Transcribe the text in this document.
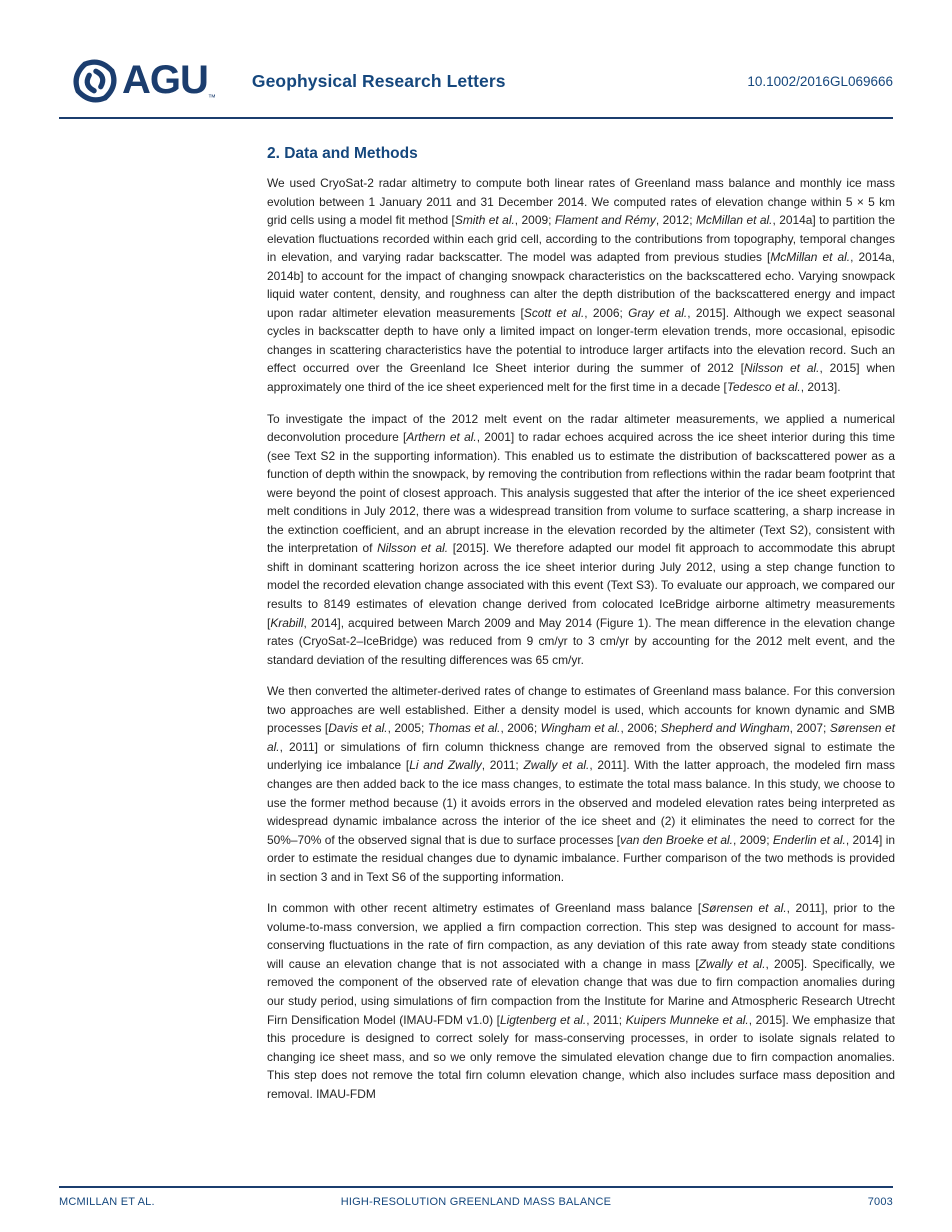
AGU ™
Geophysical Research Letters	10.1002/2016GL069666
2. Data and Methods

We used CryoSat-2 radar altimetry to compute both linear rates of Greenland mass balance and monthly ice mass evolution between 1 January 2011 and 31 December 2014. We computed rates of elevation change within 5 × 5 km grid cells using a model fit method [Smith et al., 2009; Flament and Rémy, 2012; McMillan et al., 2014a] to partition the elevation fluctuations recorded within each grid cell, according to the contributions from topography, temporal changes in elevation, and varying radar backscatter. The model was adapted from previous studies [McMillan et al., 2014a, 2014b] to account for the impact of changing snowpack characteristics on the backscattered echo. Varying snowpack liquid water content, density, and roughness can alter the depth distribution of the backscattered energy and impact upon radar altimeter elevation measurements [Scott et al., 2006; Gray et al., 2015]. Although we expect seasonal cycles in backscatter depth to have only a limited impact on longer-term elevation trends, more occasional, episodic changes in scattering characteristics have the potential to introduce larger artifacts into the elevation record. Such an effect occurred over the Greenland Ice Sheet interior during the summer of 2012 [Nilsson et al., 2015] when approximately one third of the ice sheet experienced melt for the first time in a decade [Tedesco et al., 2013].

To investigate the impact of the 2012 melt event on the radar altimeter measurements, we applied a numerical deconvolution procedure [Arthern et al., 2001] to radar echoes acquired across the ice sheet interior during this time (see Text S2 in the supporting information). This enabled us to estimate the distribution of backscattered power as a function of depth within the snowpack, by removing the contribution from reflections within the radar beam footprint that were beyond the point of closest approach. This analysis suggested that after the interior of the ice sheet experienced melt conditions in July 2012, there was a widespread transition from volume to surface scattering, a sharp increase in the extinction coefficient, and an abrupt increase in the elevation recorded by the altimeter (Text S2), consistent with the interpretation of Nilsson et al. [2015]. We therefore adapted our model fit approach to accommodate this abrupt shift in dominant scattering horizon across the ice sheet interior during July 2012, using a step change function to model the recorded elevation change associated with this event (Text S3). To evaluate our approach, we compared our results to 8149 estimates of elevation change derived from colocated IceBridge airborne altimetry measurements [Krabill, 2014], acquired between March 2009 and May 2014 (Figure 1). The mean difference in the elevation change rates (CryoSat-2–IceBridge) was reduced from 9 cm/yr to 3 cm/yr by accounting for the 2012 melt event, and the standard deviation of the resulting differences was 65 cm/yr.

We then converted the altimeter-derived rates of change to estimates of Greenland mass balance. For this conversion two approaches are well established. Either a density model is used, which accounts for known dynamic and SMB processes [Davis et al., 2005; Thomas et al., 2006; Wingham et al., 2006; Shepherd and Wingham, 2007; Sørensen et al., 2011] or simulations of firn column thickness change are removed from the observed signal to estimate the underlying ice imbalance [Li and Zwally, 2011; Zwally et al., 2011]. With the latter approach, the modeled firn mass changes are then added back to the ice mass changes, to estimate the total mass balance. In this study, we choose to use the former method because (1) it avoids errors in the observed and modeled elevation rates being interpreted as widespread dynamic imbalance across the interior of the ice sheet and (2) it eliminates the need to correct for the 50%–70% of the observed signal that is due to surface processes [van den Broeke et al., 2009; Enderlin et al., 2014] in order to estimate the residual changes due to dynamic imbalance. Further comparison of the two methods is provided in section 3 and in Text S6 of the supporting information.

In common with other recent altimetry estimates of Greenland mass balance [Sørensen et al., 2011], prior to the volume-to-mass conversion, we applied a firn compaction correction. This step was designed to account for mass-conserving fluctuations in the rate of firn compaction, as any deviation of this rate away from steady state conditions will cause an elevation change that is not associated with a change in mass [Zwally et al., 2005]. Specifically, we removed the component of the observed rate of elevation change that was due to firn compaction anomalies during our study period, using simulations of firn compaction from the Institute for Marine and Atmospheric Research Utrecht Firn Densification Model (IMAU-FDM v1.0) [Ligtenberg et al., 2011; Kuipers Munneke et al., 2015]. We emphasize that this procedure is designed to correct solely for mass-conserving processes, in order to isolate signals related to changing ice sheet mass, and so we only remove the simulated elevation change due to firn compaction anomalies. This step does not remove the total firn column elevation change, which also includes surface mass deposition and removal. IMAU-FDM

MCMILLAN ET AL.	HIGH-RESOLUTION GREENLAND MASS BALANCE	7003
